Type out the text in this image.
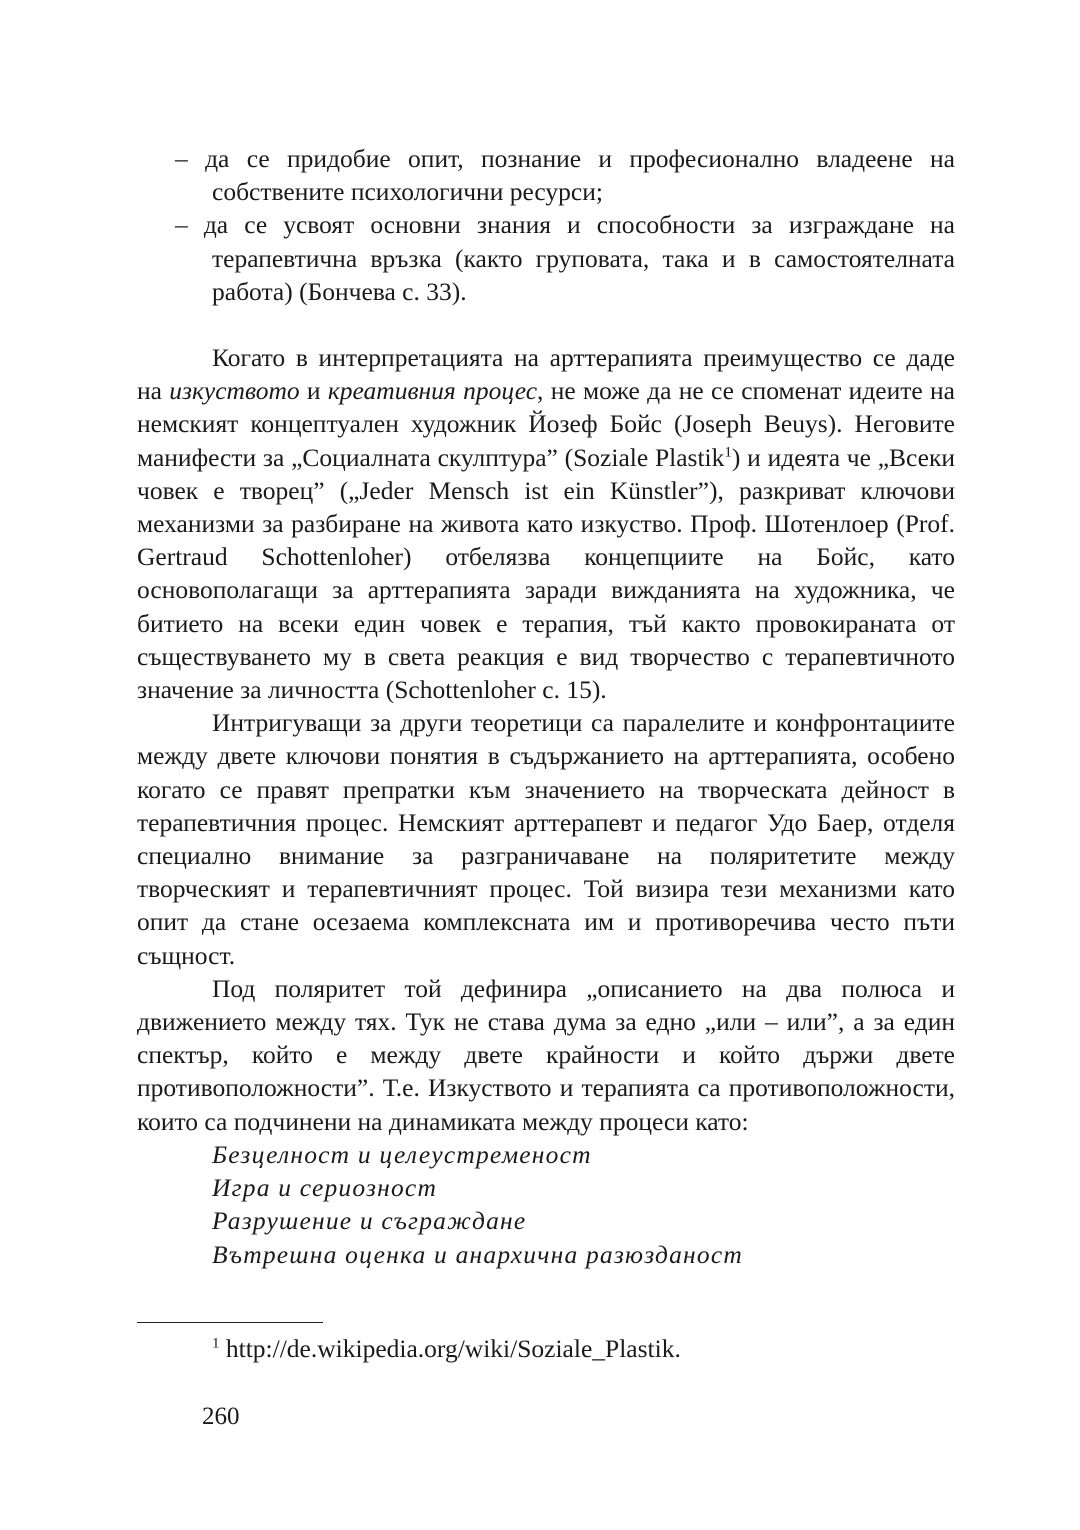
– да се придобие опит, познание и професионално владеене на собствените психологични ресурси;

– да се усвоят основни знания и способности за изграждане на терапевтична връзка (както груповата, така и в самостоятелната работа) (Бончева с. 33).

Когато в интерпретацията на арттерапията преимущество се даде на изкуството и креативния процес, не може да не се споменат идеите на немският концептуален художник Йозеф Бойс (Joseph Beuys). Неговите манифести за „Социалната скулптура” (Soziale Plastik$^1$) и идеята че „Всеки човек е творец” („Jeder Mensch ist ein Künstler”), разкриват ключови механизми за разбиране на живота като изкуство. Проф. Шотенлоер (Prof. Gertraud Schottenloher) отбелязва концепциите на Бойс, като основополагащи за арттерапията заради вижданията на художника, че битието на всеки един човек е терапия, тъй както провокираната от съществуването му в света реакция е вид творчество с терапевтичното значение за личността (Schottenloher с. 15).

Интригуващи за други теоретици са паралелите и конфронтациите между двете ключови понятия в съдържанието на арттерапията, особено когато се правят препратки към значението на творческата дейност в терапевтичния процес. Немският арттерапевт и педагог Удо Баер, отделя специално внимание за разграничаване на поляритетите между творческият и терапевтичният процес. Той визира тези механизми като опит да стане осезаема комплексната им и противоречива често пъти същност.

Под поляритет той дефинира „описанието на два полюса и движението между тях. Тук не става дума за едно „или – или”, а за един спектър, който е между двете крайности и който държи двете противоположности”. Т.е. Изкуството и терапията са противоположности, които са подчинени на динамиката между процеси като:

Безцелност и целеустременост

Игра и сериозност

Разрушение и съграждане

Вътрешна оценка и анархична разюзданост

$^1$ http://de.wikipedia.org/wiki/Soziale_Plastik.
260
